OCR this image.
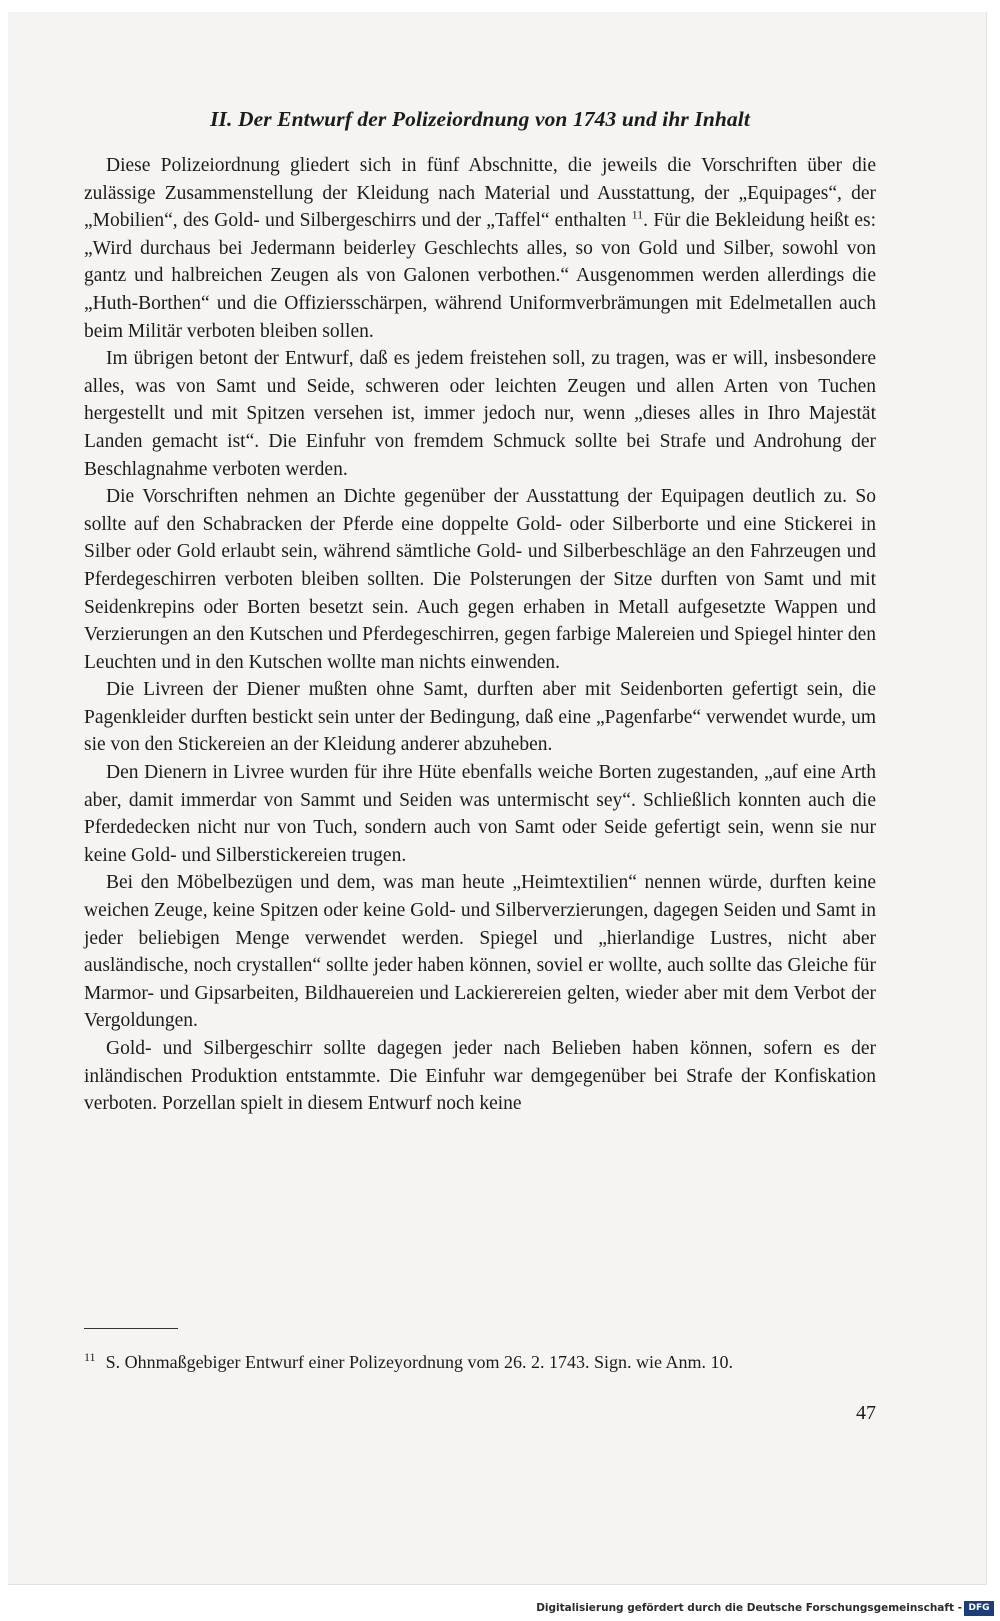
II. Der Entwurf der Polizeiordnung von 1743 und ihr Inhalt

Diese Polizeiordnung gliedert sich in fünf Abschnitte, die jeweils die Vorschriften über die zulässige Zusammenstellung der Kleidung nach Material und Ausstattung, der „Equipages“, der „Mobilien“, des Gold- und Silbergeschirrs und der „Taffel“ enthalten $^{11}$. Für die Bekleidung heißt es: „Wird durchaus bei Jedermann beiderley Geschlechts alles, so von Gold und Silber, sowohl von gantz und halbreichen Zeugen als von Galonen verbothen.“ Ausgenommen werden allerdings die „Huth-Borthen“ und die Offiziersschärpen, während Uniformverbrämungen mit Edelmetallen auch beim Militär verboten bleiben sollen.

Im übrigen betont der Entwurf, daß es jedem freistehen soll, zu tragen, was er will, insbesondere alles, was von Samt und Seide, schweren oder leichten Zeugen und allen Arten von Tuchen hergestellt und mit Spitzen versehen ist, immer jedoch nur, wenn „dieses alles in Ihro Majestät Landen gemacht ist“. Die Einfuhr von fremdem Schmuck sollte bei Strafe und Androhung der Beschlagnahme verboten werden.

Die Vorschriften nehmen an Dichte gegenüber der Ausstattung der Equipagen deutlich zu. So sollte auf den Schabracken der Pferde eine doppelte Gold- oder Silberborte und eine Stickerei in Silber oder Gold erlaubt sein, während sämtliche Gold- und Silberbeschläge an den Fahrzeugen und Pferdegeschirren verboten bleiben sollten. Die Polsterungen der Sitze durften von Samt und mit Seidenkrepins oder Borten besetzt sein. Auch gegen erhaben in Metall aufgesetzte Wappen und Verzierungen an den Kutschen und Pferdegeschirren, gegen farbige Malereien und Spiegel hinter den Leuchten und in den Kutschen wollte man nichts einwenden.

Die Livreen der Diener mußten ohne Samt, durften aber mit Seidenborten gefertigt sein, die Pagenkleider durften bestickt sein unter der Bedingung, daß eine „Pagenfarbe“ verwendet wurde, um sie von den Stickereien an der Kleidung anderer abzuheben.

Den Dienern in Livree wurden für ihre Hüte ebenfalls weiche Borten zugestanden, „auf eine Arth aber, damit immerdar von Sammt und Seiden was untermischt sey“. Schließlich konnten auch die Pferdedecken nicht nur von Tuch, sondern auch von Samt oder Seide gefertigt sein, wenn sie nur keine Gold- und Silberstickereien trugen.

Bei den Möbelbezügen und dem, was man heute „Heimtextilien“ nennen würde, durften keine weichen Zeuge, keine Spitzen oder keine Gold- und Silberverzierungen, dagegen Seiden und Samt in jeder beliebigen Menge verwendet werden. Spiegel und „hierlandige Lustres, nicht aber ausländische, noch crystallen“ sollte jeder haben können, soviel er wollte, auch sollte das Gleiche für Marmor- und Gipsarbeiten, Bildhauereien und Lackierereien gelten, wieder aber mit dem Verbot der Vergoldungen.

Gold- und Silbergeschirr sollte dagegen jeder nach Belieben haben können, sofern es der inländischen Produktion entstammte. Die Einfuhr war demgegenüber bei Strafe der Konfiskation verboten. Porzellan spielt in diesem Entwurf noch keine

$^{11}$ S. Ohnmaßgebiger Entwurf einer Polizeyordnung vom 26. 2. 1743. Sign. wie Anm. 10.
47
Digitalisierung gefördert durch die Deutsche Forschungsgemeinschaft - DFG
